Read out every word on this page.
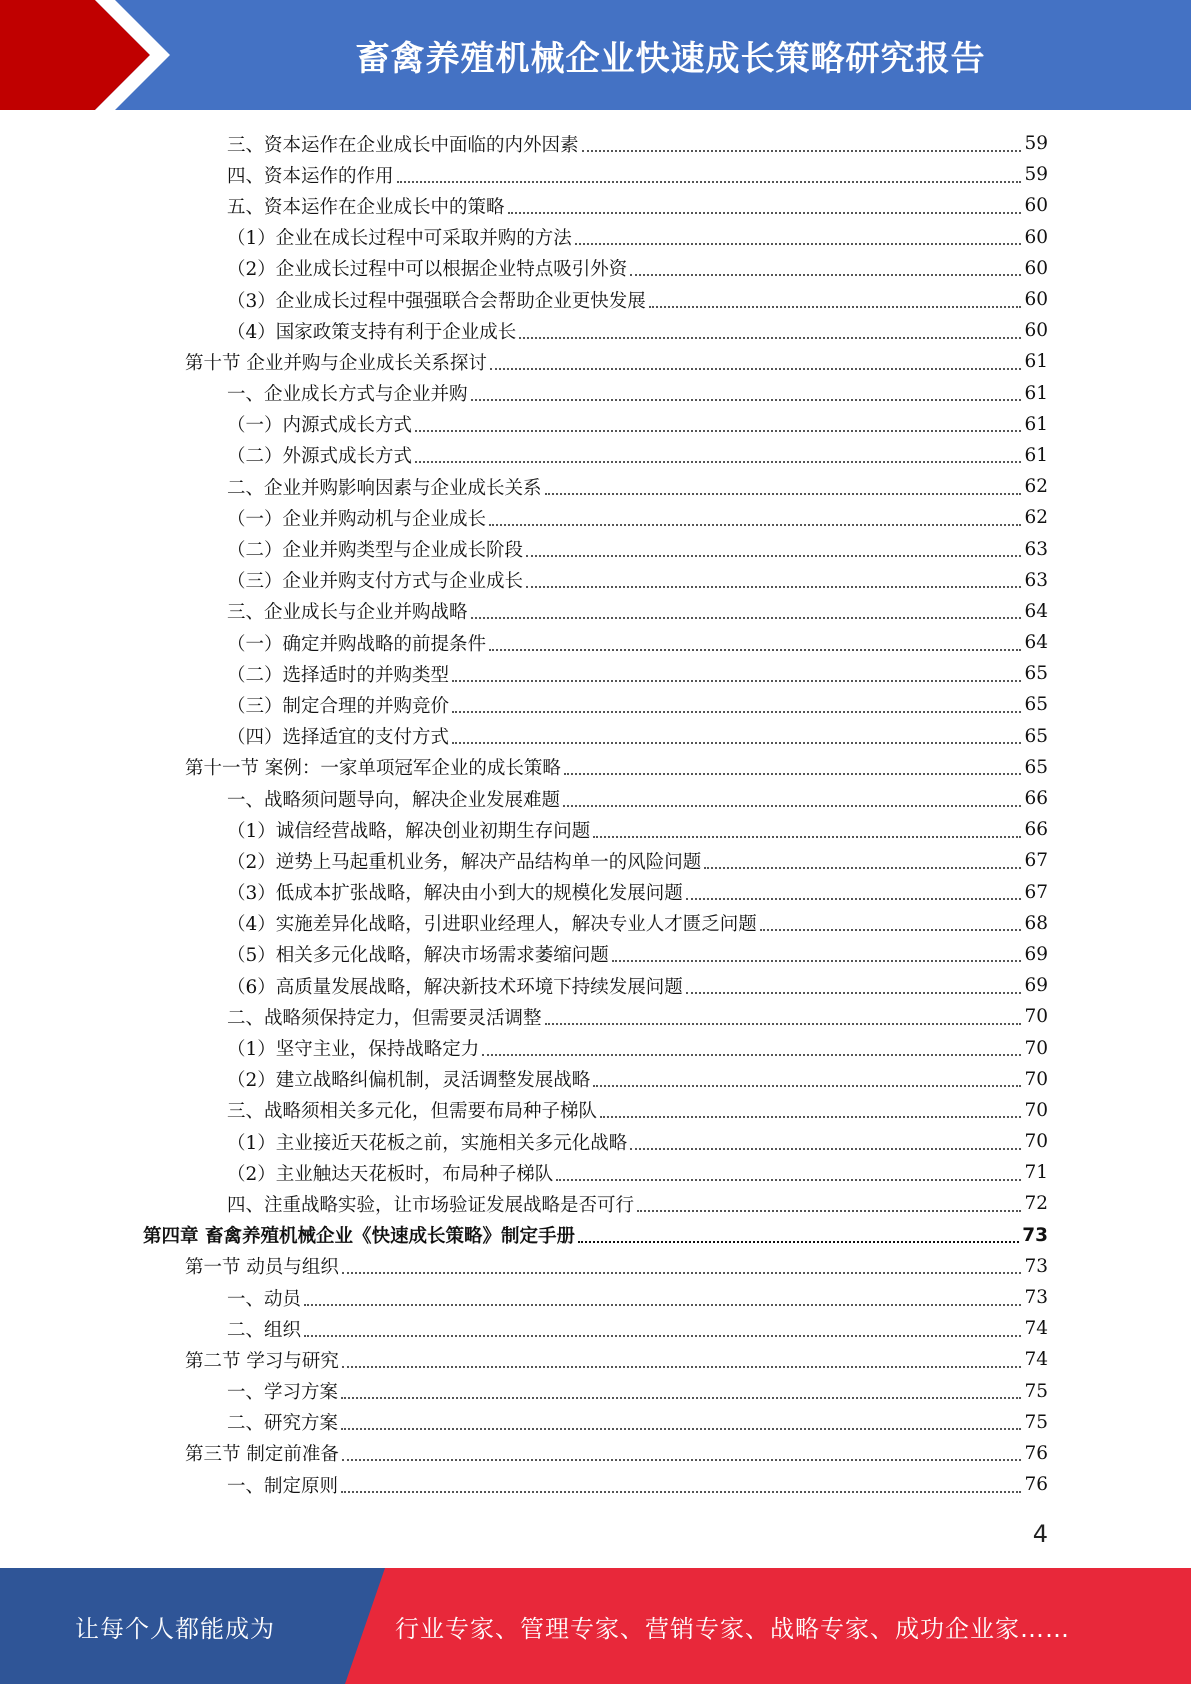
畜禽养殖机械企业快速成长策略研究报告
三、资本运作在企业成长中面临的内外因素	59
四、资本运作的作用	59
五、资本运作在企业成长中的策略	60
（1）企业在成长过程中可采取并购的方法	60
（2）企业成长过程中可以根据企业特点吸引外资	60
（3）企业成长过程中强强联合会帮助企业更快发展	60
（4）国家政策支持有利于企业成长	60
第十节 企业并购与企业成长关系探讨	61
一、企业成长方式与企业并购	61
（一）内源式成长方式	61
（二）外源式成长方式	61
二、企业并购影响因素与企业成长关系	62
（一）企业并购动机与企业成长	62
（二）企业并购类型与企业成长阶段	63
（三）企业并购支付方式与企业成长	63
三、企业成长与企业并购战略	64
（一）确定并购战略的前提条件	64
（二）选择适时的并购类型	65
（三）制定合理的并购竞价	65
（四）选择适宜的支付方式	65
第十一节 案例：一家单项冠军企业的成长策略	65
一、战略须问题导向，解决企业发展难题	66
（1）诚信经营战略，解决创业初期生存问题	66
（2）逆势上马起重机业务，解决产品结构单一的风险问题	67
（3）低成本扩张战略，解决由小到大的规模化发展问题	67
（4）实施差异化战略，引进职业经理人，解决专业人才匮乏问题	68
（5）相关多元化战略，解决市场需求萎缩问题	69
（6）高质量发展战略，解决新技术环境下持续发展问题	69
二、战略须保持定力，但需要灵活调整	70
（1）坚守主业，保持战略定力	70
（2）建立战略纠偏机制，灵活调整发展战略	70
三、战略须相关多元化，但需要布局种子梯队	70
（1）主业接近天花板之前，实施相关多元化战略	70
（2）主业触达天花板时，布局种子梯队	71
四、注重战略实验，让市场验证发展战略是否可行	72
第四章 畜禽养殖机械企业《快速成长策略》制定手册	73
第一节 动员与组织	73
一、动员	73
二、组织	74
第二节 学习与研究	74
一、学习方案	75
二、研究方案	75
第三节 制定前准备	76
一、制定原则	76
4
让每个人都能成为	行业专家、管理专家、营销专家、战略专家、成功企业家……
